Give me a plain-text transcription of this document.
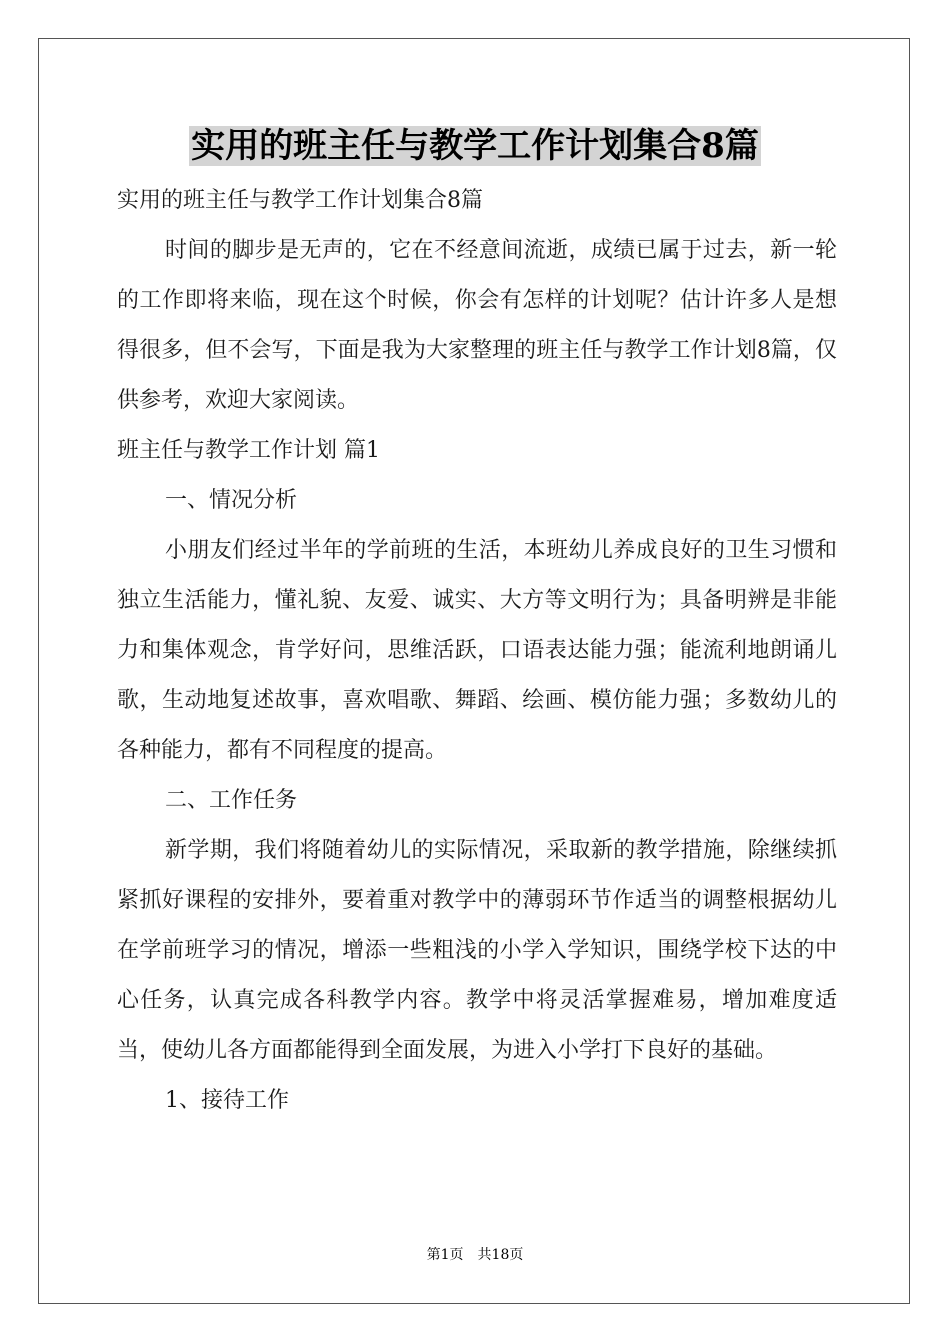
实用的班主任与教学工作计划集合8篇

实用的班主任与教学工作计划集合8篇

时间的脚步是无声的，它在不经意间流逝，成绩已属于过去，新一轮的工作即将来临，现在这个时候，你会有怎样的计划呢？估计许多人是想得很多，但不会写，下面是我为大家整理的班主任与教学工作计划8篇，仅供参考，欢迎大家阅读。

班主任与教学工作计划 篇1

一、情况分析

小朋友们经过半年的学前班的生活，本班幼儿养成良好的卫生习惯和独立生活能力，懂礼貌、友爱、诚实、大方等文明行为；具备明辨是非能力和集体观念，肯学好问，思维活跃，口语表达能力强；能流利地朗诵儿歌，生动地复述故事，喜欢唱歌、舞蹈、绘画、模仿能力强；多数幼儿的各种能力，都有不同程度的提高。

二、工作任务

新学期，我们将随着幼儿的实际情况，采取新的教学措施，除继续抓紧抓好课程的安排外，要着重对教学中的薄弱环节作适当的调整根据幼儿在学前班学习的情况，增添一些粗浅的小学入学知识，围绕学校下达的中心任务，认真完成各科教学内容。教学中将灵活掌握难易，增加难度适当，使幼儿各方面都能得到全面发展，为进入小学打下良好的基础。

1、接待工作

第1页 共18页
